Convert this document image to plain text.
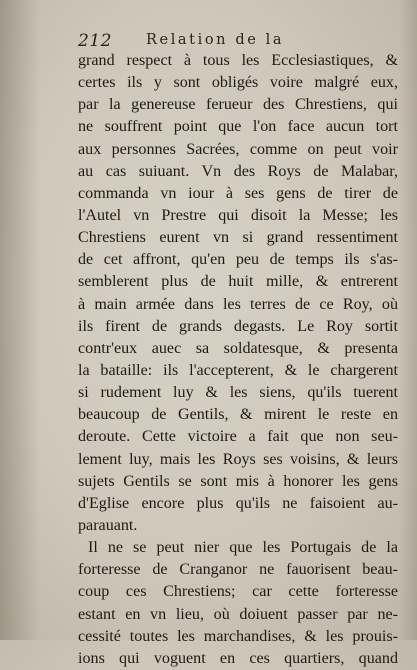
212 Relation de la
grand respect à tous les Ecclesiastiques, &
certes ils y sont obligés voire malgré eux,
par la genereuse ferueur des Chrestiens, qui
ne souffrent point que l'on face aucun tort
aux personnes Sacrées, comme on peut voir
au cas suiuant. Vn des Roys de Malabar,
commanda vn iour à ses gens de tirer de
l'Autel vn Prestre qui disoit la Messe; les
Chrestiens eurent vn si grand ressentiment
de cet affront, qu'en peu de temps ils s'as-
semblerent plus de huit mille, & entrerent
à main armée dans les terres de ce Roy, où
ils firent de grands degasts. Le Roy sortit
contr'eux auec sa soldatesque, & presenta
la bataille: ils l'accepterent, & le chargerent
si rudement luy & les siens, qu'ils tuerent
beaucoup de Gentils, & mirent le reste en
deroute. Cette victoire a fait que non seu-
lement luy, mais les Roys ses voisins, & leurs
sujets Gentils se sont mis à honorer les gens
d'Eglise encore plus qu'ils ne faisoient au-
parauant.
Il ne se peut nier que les Portugais de la
forteresse de Cranganor ne fauorisent beau-
coup ces Chrestiens; car cette forteresse
estant en vn lieu, où doiuent passer par ne-
cessité toutes les marchandises, & les prouis-
ions qui voguent en ces quartiers, quand
